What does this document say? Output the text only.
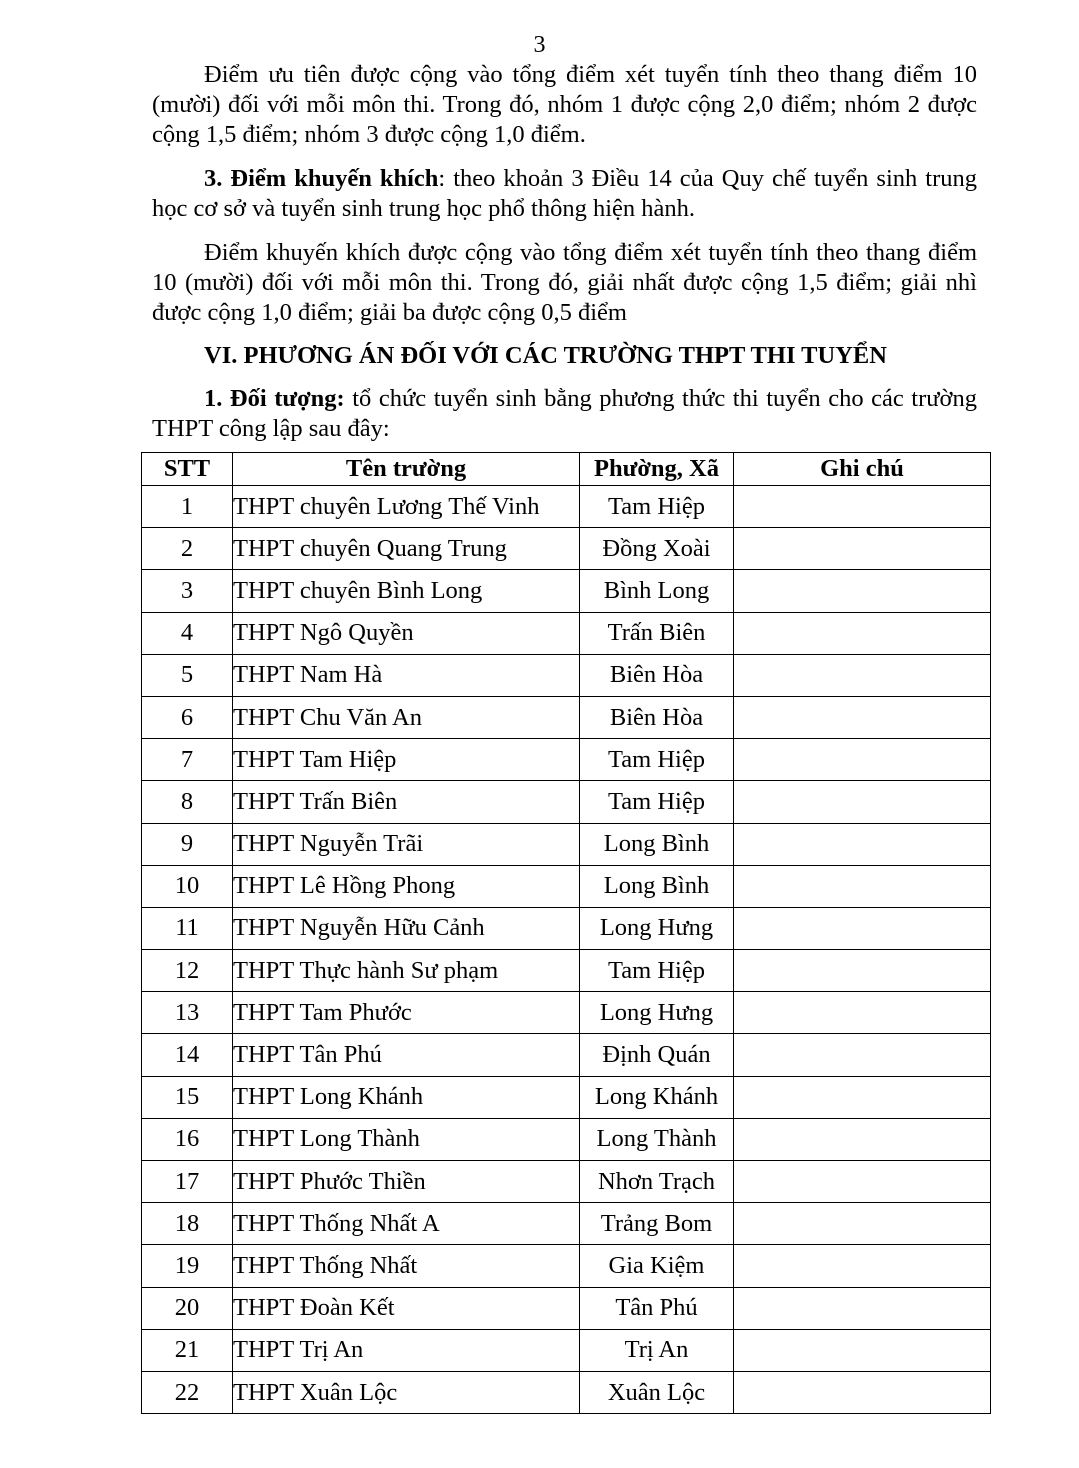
3

Điểm ưu tiên được cộng vào tổng điểm xét tuyển tính theo thang điểm 10 (mười) đối với mỗi môn thi. Trong đó, nhóm 1 được cộng 2,0 điểm; nhóm 2 được cộng 1,5 điểm; nhóm 3 được cộng 1,0 điểm.

3. Điểm khuyến khích: theo khoản 3 Điều 14 của Quy chế tuyển sinh trung học cơ sở và tuyển sinh trung học phổ thông hiện hành.

Điểm khuyến khích được cộng vào tổng điểm xét tuyển tính theo thang điểm 10 (mười) đối với mỗi môn thi. Trong đó, giải nhất được cộng 1,5 điểm; giải nhì được cộng 1,0 điểm; giải ba được cộng 0,5 điểm

VI. PHƯƠNG ÁN ĐỐI VỚI CÁC TRƯỜNG THPT THI TUYỂN

1. Đối tượng: tổ chức tuyển sinh bằng phương thức thi tuyển cho các trường THPT công lập sau đây:

STT	Tên trường	Phường, Xã	Ghi chú
1	THPT chuyên Lương Thế Vinh	Tam Hiệp	
2	THPT chuyên Quang Trung	Đồng Xoài	
3	THPT chuyên Bình Long	Bình Long	
4	THPT Ngô Quyền	Trấn Biên	
5	THPT Nam Hà	Biên Hòa	
6	THPT Chu Văn An	Biên Hòa	
7	THPT Tam Hiệp	Tam Hiệp	
8	THPT Trấn Biên	Tam Hiệp	
9	THPT Nguyễn Trãi	Long Bình	
10	THPT Lê Hồng Phong	Long Bình	
11	THPT Nguyễn Hữu Cảnh	Long Hưng	
12	THPT Thực hành Sư phạm	Tam Hiệp	
13	THPT Tam Phước	Long Hưng	
14	THPT Tân Phú	Định Quán	
15	THPT Long Khánh	Long Khánh	
16	THPT Long Thành	Long Thành	
17	THPT Phước Thiền	Nhơn Trạch	
18	THPT Thống Nhất A	Trảng Bom	
19	THPT Thống Nhất	Gia Kiệm	
20	THPT Đoàn Kết	Tân Phú	
21	THPT Trị An	Trị An	
22	THPT Xuân Lộc	Xuân Lộc	
